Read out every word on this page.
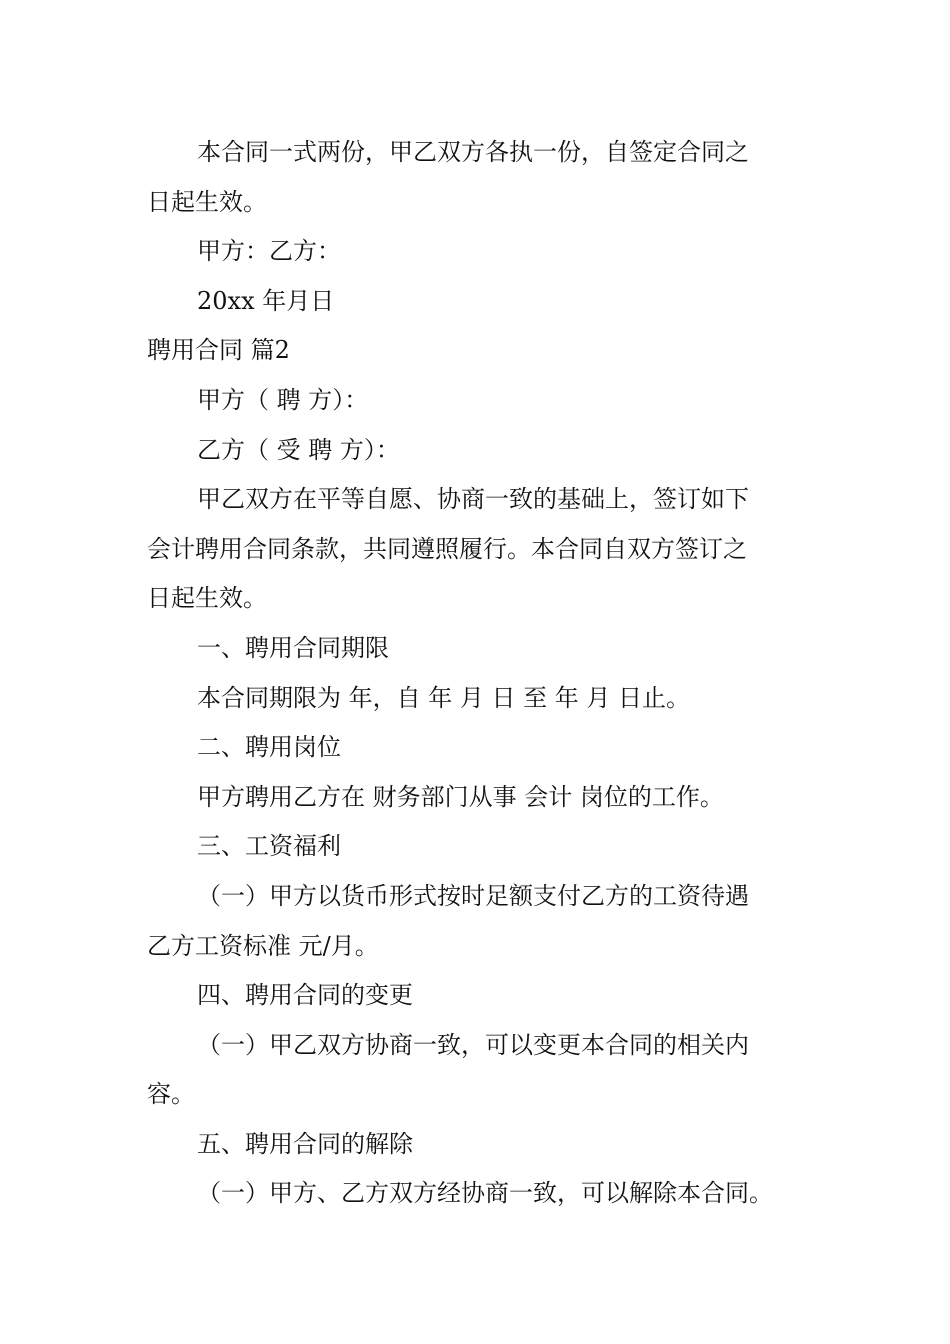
本合同一式两份，甲乙双方各执一份，自签定合同之
日起生效。
甲方：乙方：
20xx 年月日
聘用合同 篇2
甲方（ 聘 方）：
乙方（ 受 聘 方）：
甲乙双方在平等自愿、协商一致的基础上，签订如下
会计聘用合同条款，共同遵照履行。本合同自双方签订之
日起生效。
一、聘用合同期限
本合同期限为 年，自 年 月 日 至 年 月 日止。
二、聘用岗位
甲方聘用乙方在 财务部门从事 会计 岗位的工作。
三、工资福利
（一）甲方以货币形式按时足额支付乙方的工资待遇
乙方工资标准 元/月。
四、聘用合同的变更
（一）甲乙双方协商一致，可以变更本合同的相关内
容。
五、聘用合同的解除
（一）甲方、乙方双方经协商一致，可以解除本合同。
